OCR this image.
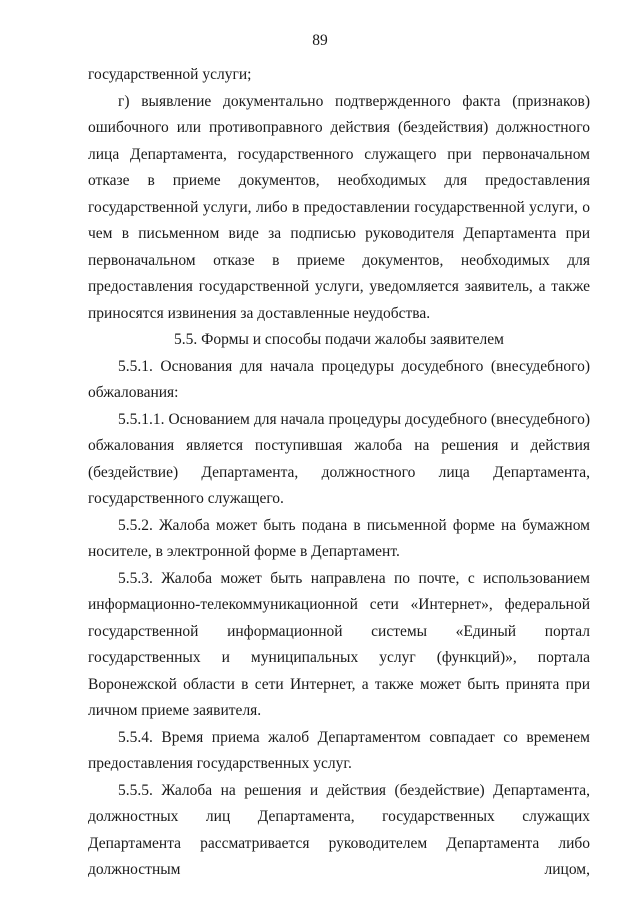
89

государственной услуги;

г) выявление документально подтвержденного факта (признаков) ошибочного или противоправного действия (бездействия) должностного лица Департамента, государственного служащего при первоначальном отказе в приеме документов, необходимых для предоставления государственной услуги, либо в предоставлении государственной услуги, о чем в письменном виде за подписью руководителя Департамента при первоначальном отказе в приеме документов, необходимых для предоставления государственной услуги, уведомляется заявитель, а также приносятся извинения за доставленные неудобства.

5.5. Формы и способы подачи жалобы заявителем

5.5.1. Основания для начала процедуры досудебного (внесудебного) обжалования:

5.5.1.1. Основанием для начала процедуры досудебного (внесудебного) обжалования является поступившая жалоба на решения и действия (бездействие) Департамента, должностного лица Департамента, государственного служащего.

5.5.2. Жалоба может быть подана в письменной форме на бумажном носителе, в электронной форме в Департамент.

5.5.3. Жалоба может быть направлена по почте, с использованием информационно-телекоммуникационной сети «Интернет», федеральной государственной информационной системы «Единый портал государственных и муниципальных услуг (функций)», портала Воронежской области в сети Интернет, а также может быть принята при личном приеме заявителя.

5.5.4. Время приема жалоб Департаментом совпадает со временем предоставления государственных услуг.

5.5.5. Жалоба на решения и действия (бездействие) Департамента, должностных лиц Департамента, государственных служащих Департамента рассматривается руководителем Департамента либо должностным лицом,
